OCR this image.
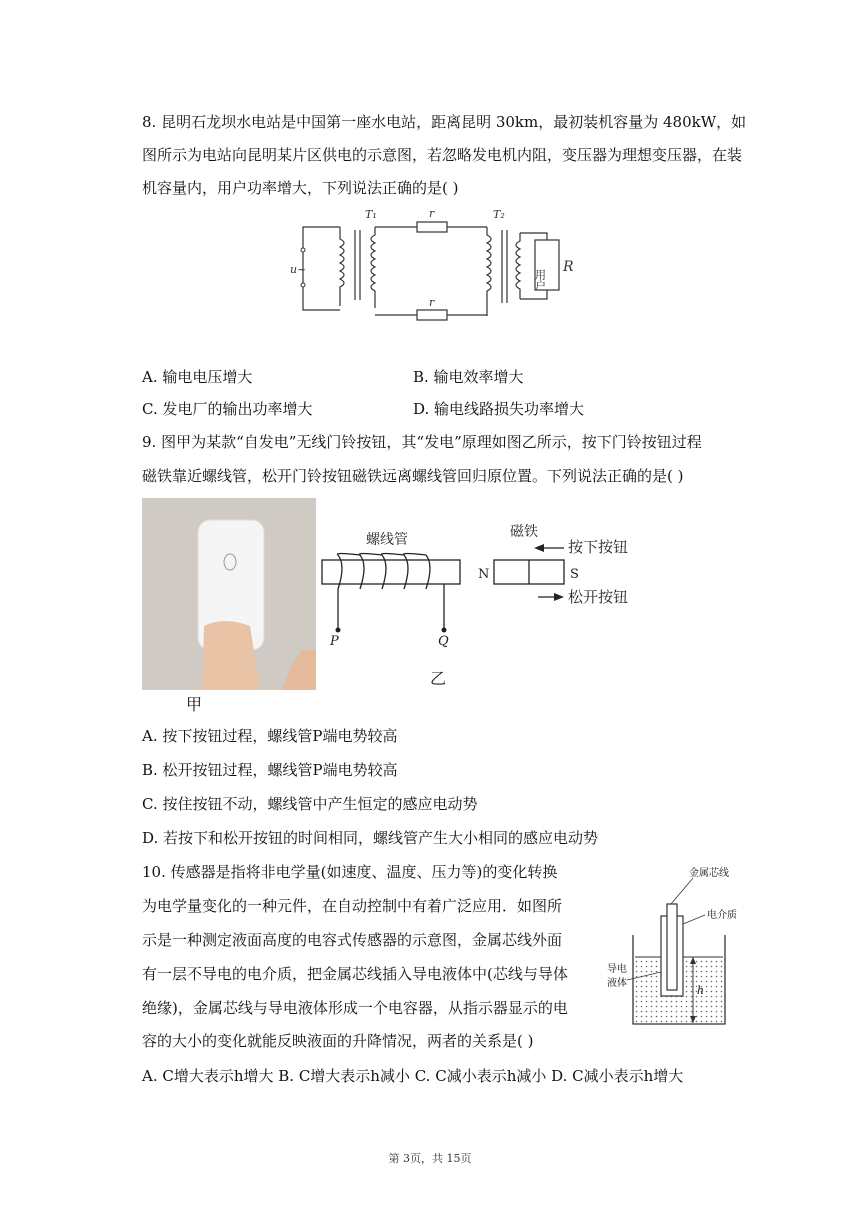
8. 昆明石龙坝水电站是中国第一座水电站，距离昆明 30km，最初装机容量为 480kW，如
图所示为电站向昆明某片区供电的示意图，若忽略发电机内阻，变压器为理想变压器，在装
机容量内，用户功率增大，下列说法正确的是( )
T₁	T₂
u~
r
r
用户
R
A. 输电电压增大	B. 输电效率增大
C. 发电厂的输出功率增大	D. 输电线路损失功率增大
9. 图甲为某款“自发电”无线门铃按钮，其“发电”原理如图乙所示，按下门铃按钮过程
磁铁靠近螺线管，松开门铃按钮磁铁远离螺线管回归原位置。下列说法正确的是( )
甲
螺线管	磁铁
按下按钮
松开按钮
N	S
P	Q
乙
A. 按下按钮过程，螺线管P端电势较高
B. 松开按钮过程，螺线管P端电势较高
C. 按住按钮不动，螺线管中产生恒定的感应电动势
D. 若按下和松开按钮的时间相同，螺线管产生大小相同的感应电动势
10. 传感器是指将非电学量(如速度、温度、压力等)的变化转换
为电学量变化的一种元件，在自动控制中有着广泛应用．如图所
示是一种测定液面高度的电容式传感器的示意图，金属芯线外面
有一层不导电的电介质，把金属芯线插入导电液体中(芯线与导体
绝缘)，金属芯线与导电液体形成一个电容器，从指示器显示的电
容的大小的变化就能反映液面的升降情况，两者的关系是( )
金属芯线
电介质
导电
液体
h
A. C增大表示h增大 B. C增大表示h减小 C. C减小表示h减小 D. C减小表示h增大
第 3页，共 15页
